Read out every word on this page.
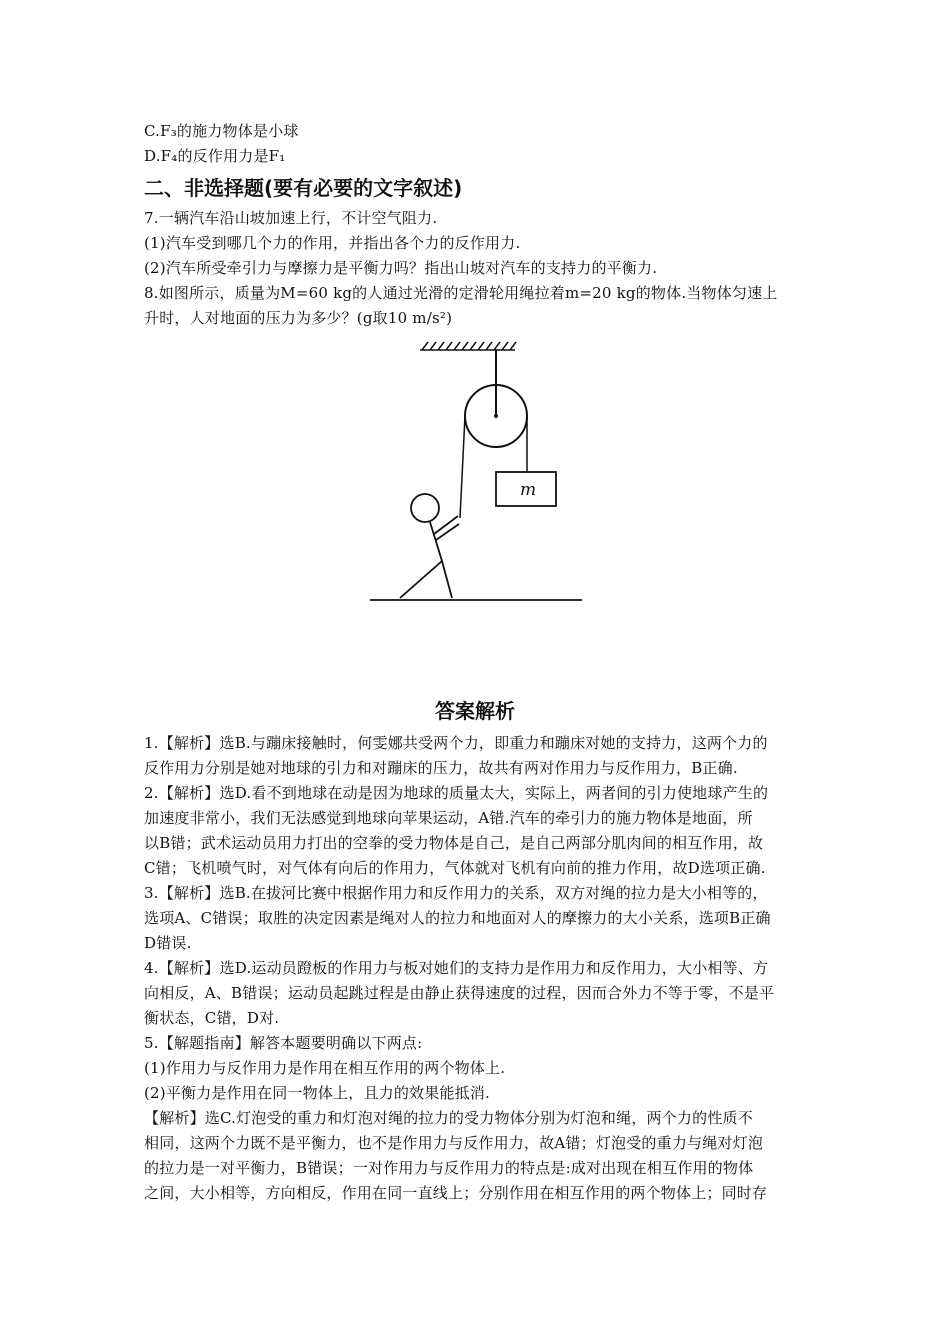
C.F₃的施力物体是小球
D.F₄的反作用力是F₁
二、非选择题(要有必要的文字叙述)
7.一辆汽车沿山坡加速上行，不计空气阻力.
(1)汽车受到哪几个力的作用，并指出各个力的反作用力.
(2)汽车所受牵引力与摩擦力是平衡力吗？指出山坡对汽车的支持力的平衡力.
8.如图所示，质量为M=60 kg的人通过光滑的定滑轮用绳拉着m=20 kg的物体.当物体匀速上
升时，人对地面的压力为多少？(g取10 m/s²)
m
答案解析
1.【解析】选B.与蹦床接触时，何雯娜共受两个力，即重力和蹦床对她的支持力，这两个力的
反作用力分别是她对地球的引力和对蹦床的压力，故共有两对作用力与反作用力，B正确.
2.【解析】选D.看不到地球在动是因为地球的质量太大，实际上，两者间的引力使地球产生的
加速度非常小，我们无法感觉到地球向苹果运动，A错.汽车的牵引力的施力物体是地面，所
以B错；武术运动员用力打出的空拳的受力物体是自己，是自己两部分肌肉间的相互作用，故
C错；飞机喷气时，对气体有向后的作用力，气体就对飞机有向前的推力作用，故D选项正确.
3.【解析】选B.在拔河比赛中根据作用力和反作用力的关系，双方对绳的拉力是大小相等的，
选项A、C错误；取胜的决定因素是绳对人的拉力和地面对人的摩擦力的大小关系，选项B正确
D错误.
4.【解析】选D.运动员蹬板的作用力与板对她们的支持力是作用力和反作用力，大小相等、方
向相反，A、B错误；运动员起跳过程是由静止获得速度的过程，因而合外力不等于零，不是平
衡状态，C错，D对.
5.【解题指南】解答本题要明确以下两点:
(1)作用力与反作用力是作用在相互作用的两个物体上.
(2)平衡力是作用在同一物体上，且力的效果能抵消.
【解析】选C.灯泡受的重力和灯泡对绳的拉力的受力物体分别为灯泡和绳，两个力的性质不
相同，这两个力既不是平衡力，也不是作用力与反作用力，故A错；灯泡受的重力与绳对灯泡
的拉力是一对平衡力，B错误；一对作用力与反作用力的特点是:成对出现在相互作用的物体
之间，大小相等，方向相反，作用在同一直线上；分别作用在相互作用的两个物体上；同时存
